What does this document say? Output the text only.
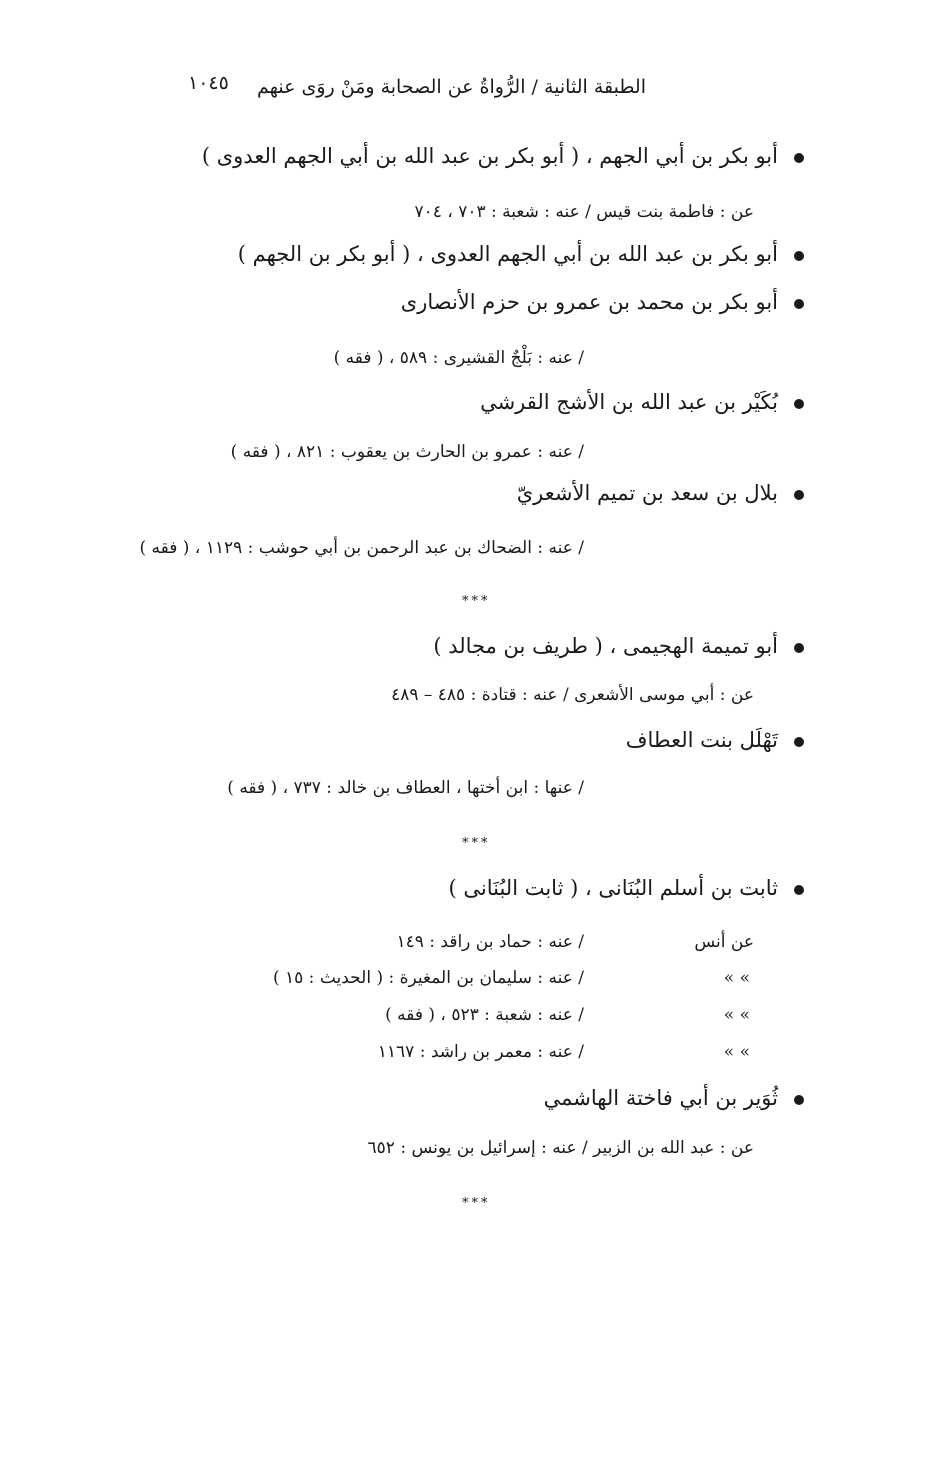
١٠٤٥ الطبقة الثانية / الرُّواةُ عن الصحابة ومَنْ روَى عنهم
أبو بكر بن أبي الجهم ، ( أبو بكر بن عبد الله بن أبي الجهم العدوى )
عن : فاطمة بنت قيس / عنه : شعبة : ٧٠٣ ، ٧٠٤
أبو بكر بن عبد الله بن أبي الجهم العدوى ، ( أبو بكر بن الجهم )
أبو بكر بن محمد بن عمرو بن حزم الأنصارى
/ عنه : بَلْجٌ القشيرى : ٥٨٩ ، ( فقه )
بُكَيْر بن عبد الله بن الأشج القرشي
/ عنه : عمرو بن الحارث بن يعقوب : ٨٢١ ، ( فقه )
بلال بن سعد بن تميم الأشعريّ
/ عنه : الضحاك بن عبد الرحمن بن أبي حوشب : ١١٢٩ ، ( فقه )
***
أبو تميمة الهجيمى ، ( طريف بن مجالد )
عن : أبي موسى الأشعرى / عنه : قتادة : ٤٨٥ – ٤٨٩
تَهْلَل بنت العطاف
/ عنها : ابن أختها ، العطاف بن خالد : ٧٣٧ ، ( فقه )
***
ثابت بن أسلم البُنَانى ، ( ثابت البُنَانى )
عن أنس
/ عنه : حماد بن راقد : ١٤٩
» »
/ عنه : سليمان بن المغيرة : ( الحديث : ١٥ )
» »
/ عنه : شعبة : ٥٢٣ ، ( فقه )
» »
/ عنه : معمر بن راشد : ١١٦٧
ثُوَير بن أبي فاختة الهاشمي
عن : عبد الله بن الزبير / عنه : إسرائيل بن يونس : ٦٥٢
***
